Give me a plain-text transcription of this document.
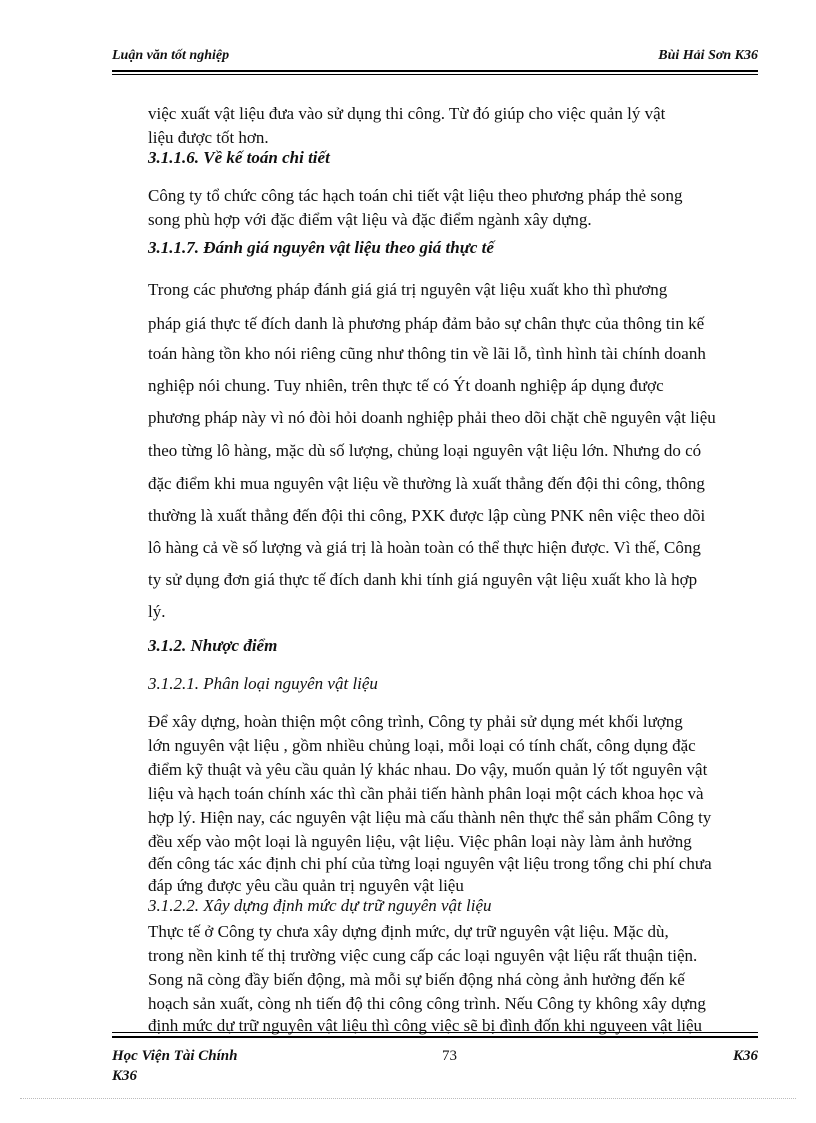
Luận văn tốt nghiệp	Bùi Hải Sơn K36
việc xuất vật liệu đưa vào sử dụng thi công. Từ đó giúp cho việc quản lý vật
liệu được tốt hơn.
3.1.1.6. Về kế toán chi tiết
Công ty tổ chức công tác hạch toán chi tiết vật liệu theo phương pháp thẻ song
song phù hợp với đặc điểm vật liệu và đặc điểm ngành xây dựng.
3.1.1.7. Đánh giá nguyên vật liệu theo giá thực tế
Trong các phương pháp đánh giá giá trị nguyên vật liệu xuất kho thì phương
pháp giá thực tế đích danh là phương pháp đảm bảo sự chân thực của thông tin kế
toán hàng tồn kho nói riêng cũng như thông tin về lãi lỗ, tình hình tài chính doanh
nghiệp nói chung. Tuy nhiên, trên thực tế có Ýt doanh nghiệp áp dụng được
phương pháp này vì nó đòi hỏi doanh nghiệp phải theo dõi chặt chẽ nguyên vật liệu
theo từng lô hàng, mặc dù số lượng, chủng loại nguyên vật liệu lớn. Nhưng do có
đặc điểm khi mua nguyên vật liệu về thường là xuất thẳng đến đội thi công, thông
thường là xuất thẳng đến đội thi công, PXK được lập cùng PNK nên việc theo dõi
lô hàng cả về số lượng và giá trị là hoàn toàn có thể thực hiện được. Vì thế, Công
ty sử dụng đơn giá thực tế đích danh khi tính giá nguyên vật liệu xuất kho là hợp
lý.
3.1.2. Nhược điểm
3.1.2.1. Phân loại nguyên vật liệu
Để xây dựng, hoàn thiện một công trình, Công ty phải sử dụng mét khối lượng
lớn nguyên vật liệu , gồm nhiều chủng loại, mỗi loại có tính chất, công dụng đặc
điểm kỹ thuật và yêu cầu quản lý khác nhau. Do vậy, muốn quản lý tốt nguyên vật
liệu và hạch toán chính xác thì cần phải tiến hành phân loại một cách khoa học và
hợp lý. Hiện nay, các nguyên vật liệu mà cấu thành nên thực thể sản phẩm Công ty
đều xếp vào một loại là nguyên liệu, vật liệu. Việc phân loại này làm ảnh hưởng
đến công tác xác định chi phí của từng loại nguyên vật liệu trong tổng chi phí chưa
đáp ứng được yêu cầu quản trị nguyên vật liệu
3.1.2.2. Xây dựng định mức dự trữ nguyên vật liệu
Thực tế ở Công ty chưa xây dựng định mức, dự trữ nguyên vật liệu. Mặc dù,
trong nền kinh tế thị trường việc cung cấp các loại nguyên vật liệu rất thuận tiện.
Song nã còng đầy biến động, mà mỗi sự biến động nhá còng ảnh hưởng đến kế
hoạch sản xuất, còng nh tiến độ thi công công trình. Nếu Công ty không xây dựng
định mức dự trữ nguyên vật liệu thì công việc sẽ bị đình đốn khi nguyeen vật liệu
Học Viện Tài Chính	73	K36
K36
